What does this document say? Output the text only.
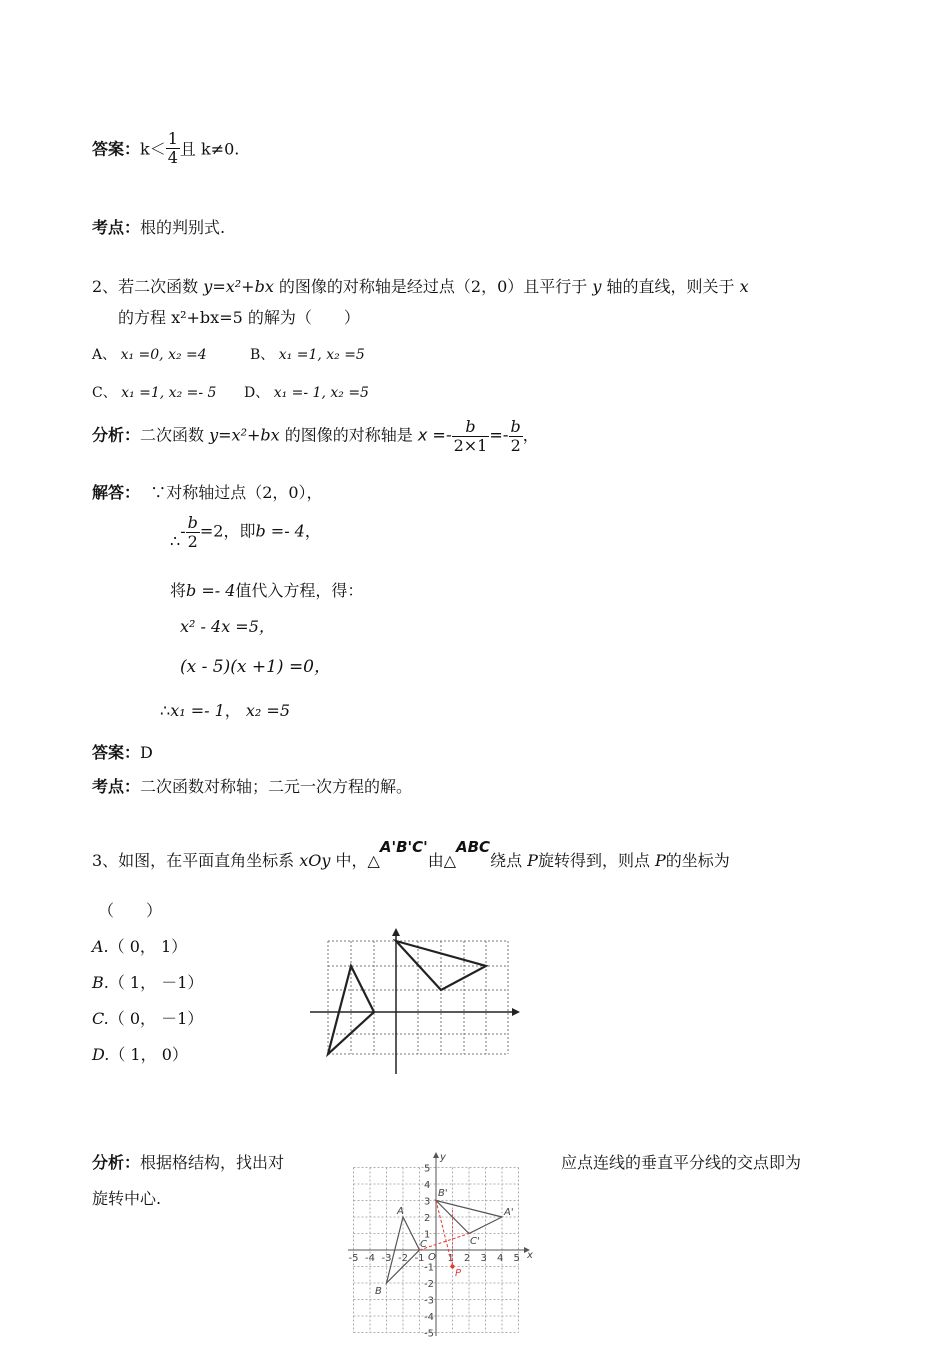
答案：$k< \frac{1}{4}$ 且 k≠0.
考点：根的判别式.
2、若二次函数 y=x²+bx 的图像的对称轴是经过点（2，0）且平行于 y 轴的直线，则关于 x
的方程 x²+bx=5 的解为（　　）
A、 x₁ =0, x₂ =4	B、 x₁ =1, x₂ =5
C、 x₁ =1, x₂ =- 5 D、 x₁ =- 1, x₂ =5
分析：二次函数 y=x²+bx 的图像的对称轴是 $x =- \frac{b}{2\times 1} =- \frac{b}{2}$ ，
解答： ∵对称轴过点（2，0），
∴- $\frac{b}{2} =2$，即b =- 4，
将b =- 4值代入方程，得：
x² - 4x =5，
(x - 5)(x +1) =0，
∴x₁ =- 1， x₂ =5
答案：D
考点：二次函数对称轴；二元一次方程的解。
3、如图，在平面直角坐标系 xOy 中，△A'B'C'由△ABC绕点 P旋转得到，则点 P的坐标为
（　　）
A.（ 0， 1）
B.（ 1， －1）
C.（ 0， －1）
D.（ 1， 0）
分析：根据格结构，找出对	应点连线的垂直平分线的交点即为
旋转中心.
-5 -4 -3 -2 -1 1 2 3 4 5
5
4
3
2
1
-1
-2
-3
-4
-5
y
x
O
P
A
B
C
A'
B'
C'
